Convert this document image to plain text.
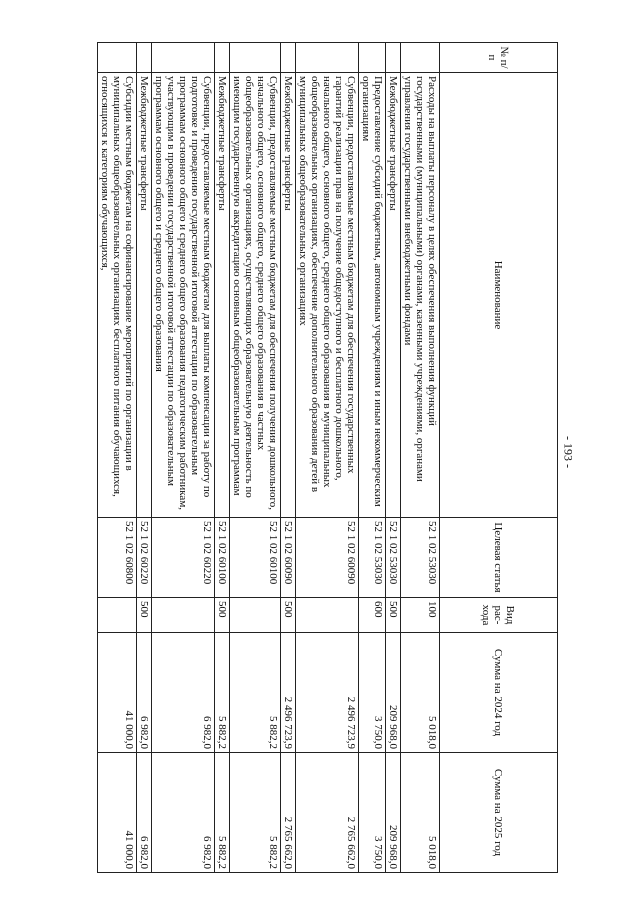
- 193 -
№ п/п	Наименование	Целевая статья	Вид рас-хода	Сумма на 2024 год	Сумма на 2025 год
	Расходы на выплаты персоналу в целях обеспечения выполнения функций государственными (муниципальными) органами, казенными учреждениями, органами управления государственными внебюджетными фондами	52 1 02 53030	100	5 018,0	5 018,0
	Межбюджетные трансферты	52 1 02 53030	500	209 968,0	209 968,0
	Предоставление субсидий бюджетным, автономным учреждениям и иным некоммерческим организациям	52 1 02 53030	600	3 750,0	3 750,0
	Субвенции, предоставляемые местным бюджетам для обеспечения государственных гарантий реализации прав на получение общедоступного и бесплатного дошкольного, начального общего, основного общего, среднего общего образования в муниципальных общеобразовательных организациях, обеспечение дополнительного образования детей в муниципальных общеобразовательных организациях	52 1 02 60090		2 496 723,9	2 765 662,0
	Межбюджетные трансферты	52 1 02 60090	500	2 496 723,9	2 765 662,0
	Субвенции, предоставляемые местным бюджетам для обеспечения получения дошкольного, начального общего, основного общего, среднего общего образования в частных общеобразовательных организациях, осуществляющих образовательную деятельность по имеющим государственную аккредитацию основным общеобразовательным программам	52 1 02 60100		5 882,2	5 882,2
	Межбюджетные трансферты	52 1 02 60100	500	5 882,2	5 882,2
	Субвенции, предоставляемые местным бюджетам для выплаты компенсации за работу по подготовке и проведению государственной итоговой аттестации по образовательным программам основного общего и среднего общего образования педагогическим работникам, участвующим в проведении государственной итоговой аттестации по образовательным программам основного общего и среднего общего образования	52 1 02 60220		6 982,0	6 982,0
	Межбюджетные трансферты	52 1 02 60220	500	6 982,0	6 982,0
	Субсидии местным бюджетам на софинансирование мероприятий по организации в муниципальных общеобразовательных организациях бесплатного питания обучающихся, относящихся к категориям обучающихся,	52 1 02 60800		41 000,0	41 000,0
